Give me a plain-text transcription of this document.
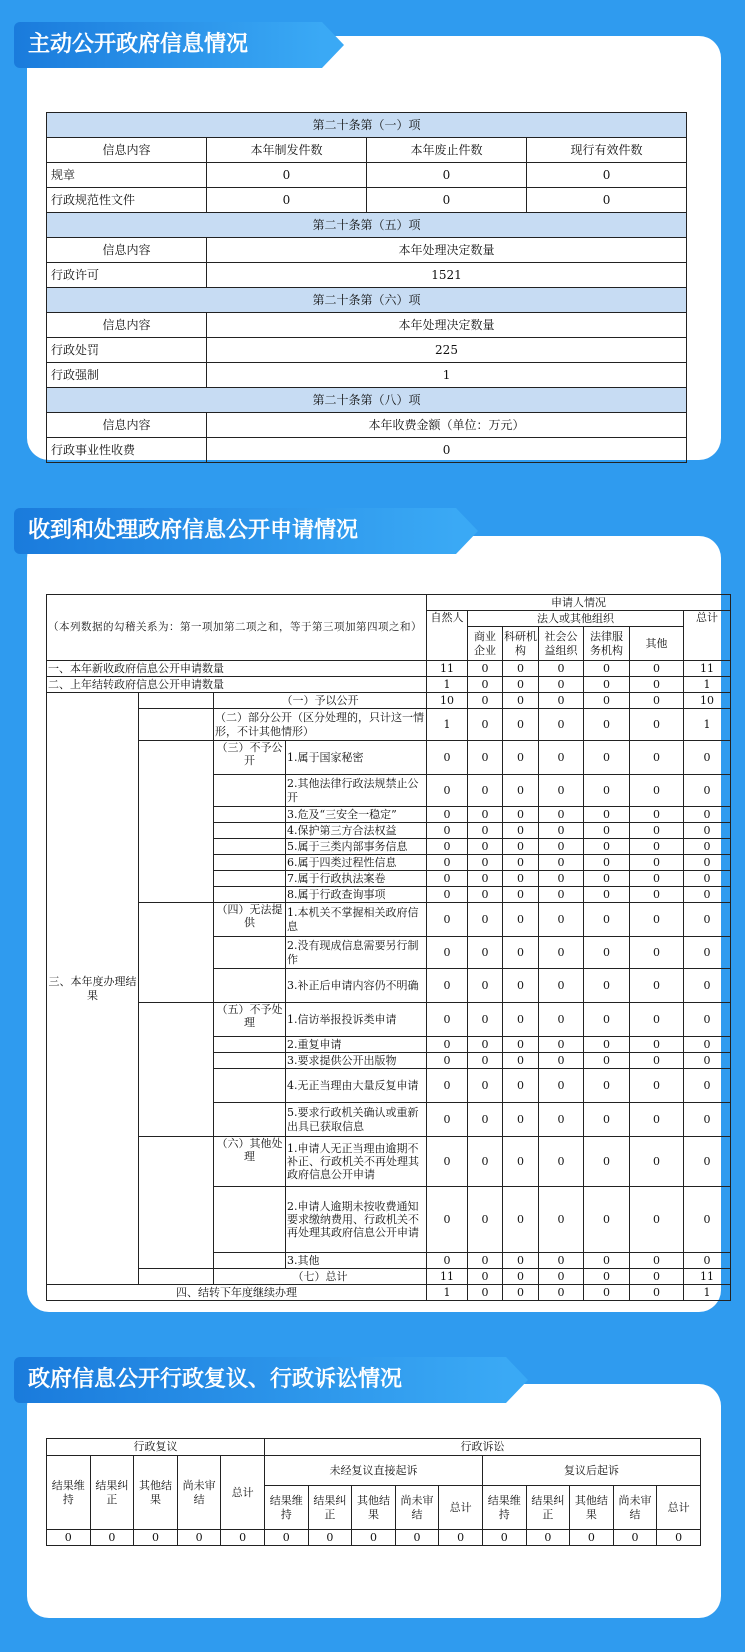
第二十条第（一）项			
信息内容	本年制发件数	本年废止件数	现行有效件数
规章	0	0	0
行政规范性文件	0	0	0
第二十条第（五）项			
信息内容	本年处理决定数量		
行政许可	1521		
第二十条第（六）项			
信息内容	本年处理决定数量		
行政处罚	225		
行政强制	1		
第二十条第（八）项			
信息内容	本年收费金额（单位：万元）		
行政事业性收费	0		
主动公开政府信息情况
（本列数据的勾稽关系为：第一项加第二项之和，等于第三项加第四项之和）				申请人情况						
				自然人	法人或其他组织					总计
					商业企业	科研机构	社会公益组织	法律服务机构	其他	
一、本年新收政府信息公开申请数量				11	0	0	0	0	0	11
二、上年结转政府信息公开申请数量				1	0	0	0	0	0	1
三、本年度办理结果		（一）予以公开		10	0	0	0	0	0	10
		（二）部分公开（区分处理的，只计这一情形，不计其他情形）		1	0	0	0	0	0	1
		（三）不予公开	1.属于国家秘密	0	0	0	0	0	0	0
			2.其他法律行政法规禁止公开	0	0	0	0	0	0	0
			3.危及“三安全一稳定”	0	0	0	0	0	0	0
			4.保护第三方合法权益	0	0	0	0	0	0	0
			5.属于三类内部事务信息	0	0	0	0	0	0	0
			6.属于四类过程性信息	0	0	0	0	0	0	0
			7.属于行政执法案卷	0	0	0	0	0	0	0
			8.属于行政查询事项	0	0	0	0	0	0	0
		（四）无法提供	1.本机关不掌握相关政府信息	0	0	0	0	0	0	0
			2.没有现成信息需要另行制作	0	0	0	0	0	0	0
			3.补正后申请内容仍不明确	0	0	0	0	0	0	0
		（五）不予处理	1.信访举报投诉类申请	0	0	0	0	0	0	0
			2.重复申请	0	0	0	0	0	0	0
			3.要求提供公开出版物	0	0	0	0	0	0	0
			4.无正当理由大量反复申请	0	0	0	0	0	0	0
			5.要求行政机关确认或重新出具已获取信息	0	0	0	0	0	0	0
		（六）其他处理	1.申请人无正当理由逾期不补正、行政机关不再处理其政府信息公开申请	0	0	0	0	0	0	0
			2.申请人逾期未按收费通知要求缴纳费用、行政机关不再处理其政府信息公开申请	0	0	0	0	0	0	0
			3.其他	0	0	0	0	0	0	0
		（七）总计		11	0	0	0	0	0	11
四、结转下年度继续办理				1	0	0	0	0	0	1
收到和处理政府信息公开申请情况
行政复议					行政诉讼									
结果维持	结果纠正	其他结果	尚未审结	总计	未经复议直接起诉					复议后起诉				
					结果维持	结果纠正	其他结果	尚未审结	总计	结果维持	结果纠正	其他结果	尚未审结	总计
0	0	0	0	0	0	0	0	0	0	0	0	0	0	0
政府信息公开行政复议、行政诉讼情况
